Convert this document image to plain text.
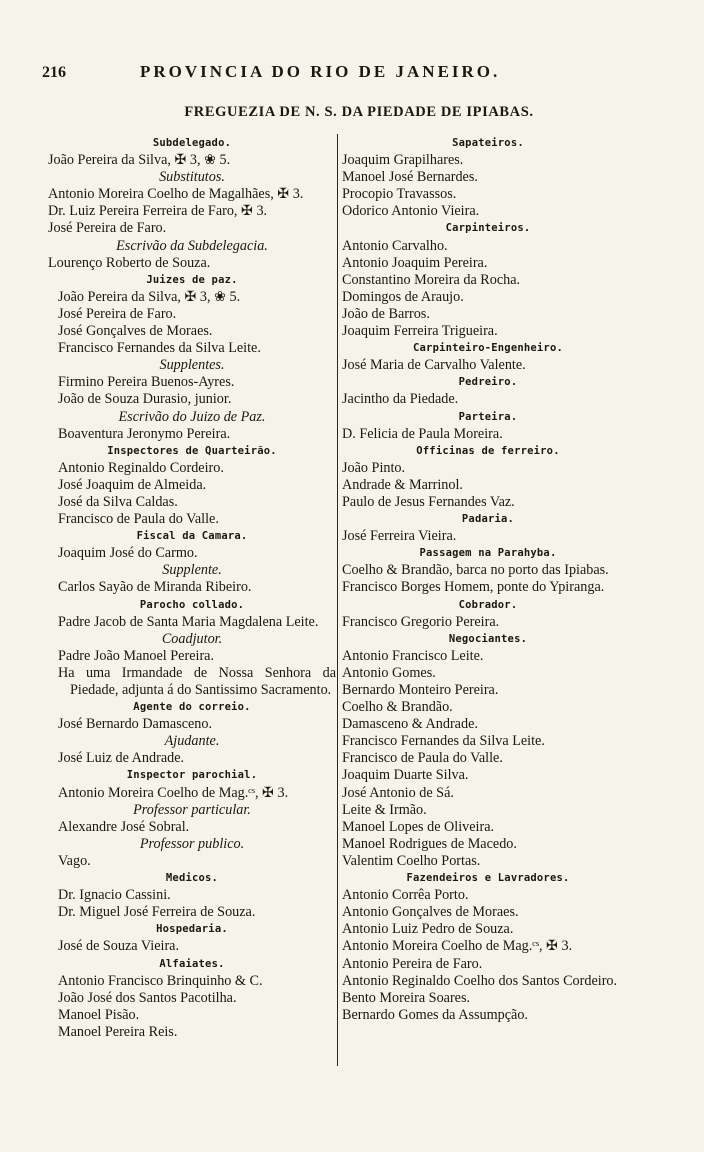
216	PROVINCIA DO RIO DE JANEIRO.
FREGUEZIA DE N. S. DA PIEDADE DE IPIABAS.
Subdelegado.
João Pereira da Silva, ✠ 3, ❀ 5.
Substitutos.
Antonio Moreira Coelho de Magalhães, ✠ 3.
Dr. Luiz Pereira Ferreira de Faro, ✠ 3.
José Pereira de Faro.
Escrivão da Subdelegacia.
Lourenço Roberto de Souza.
Juizes de paz.
João Pereira da Silva, ✠ 3, ❀ 5.
José Pereira de Faro.
José Gonçalves de Moraes.
Francisco Fernandes da Silva Leite.
Supplentes.
Firmino Pereira Buenos-Ayres.
João de Souza Durasio, junior.
Escrivão do Juizo de Paz.
Boaventura Jeronymo Pereira.
Inspectores de Quarteirão.
Antonio Reginaldo Cordeiro.
José Joaquim de Almeida.
José da Silva Caldas.
Francisco de Paula do Valle.
Fiscal da Camara.
Joaquim José do Carmo.
Supplente.
Carlos Sayão de Miranda Ribeiro.
Parocho collado.
Padre Jacob de Santa Maria Magdalena Leite.
Coadjutor.
Padre João Manoel Pereira.
Ha uma Irmandade de Nossa Senhora da Piedade, adjunta á do Santissimo Sacramento.
Agente do correio.
José Bernardo Damasceno.
Ajudante.
José Luiz de Andrade.
Inspector parochial.
Antonio Moreira Coelho de Mag.ᶜˢ, ✠ 3.
Professor particular.
Alexandre José Sobral.
Professor publico.
Vago.
Medicos.
Dr. Ignacio Cassini.
Dr. Miguel José Ferreira de Souza.
Hospedaria.
José de Souza Vieira.
Alfaiates.
Antonio Francisco Brinquinho & C.
João José dos Santos Pacotilha.
Manoel Pisão.
Manoel Pereira Reis.
Sapateiros.
Joaquim Grapilhares.
Manoel José Bernardes.
Procopio Travassos.
Odorico Antonio Vieira.
Carpinteiros.
Antonio Carvalho.
Antonio Joaquim Pereira.
Constantino Moreira da Rocha.
Domingos de Araujo.
João de Barros.
Joaquim Ferreira Trigueira.
Carpinteiro-Engenheiro.
José Maria de Carvalho Valente.
Pedreiro.
Jacintho da Piedade.
Parteira.
D. Felicia de Paula Moreira.
Officinas de ferreiro.
João Pinto.
Andrade & Marrinol.
Paulo de Jesus Fernandes Vaz.
Padaria.
José Ferreira Vieira.
Passagem na Parahyba.
Coelho & Brandão, barca no porto das Ipiabas.
Francisco Borges Homem, ponte do Ypiranga.
Cobrador.
Francisco Gregorio Pereira.
Negociantes.
Antonio Francisco Leite.
Antonio Gomes.
Bernardo Monteiro Pereira.
Coelho & Brandão.
Damasceno & Andrade.
Francisco Fernandes da Silva Leite.
Francisco de Paula do Valle.
Joaquim Duarte Silva.
José Antonio de Sá.
Leite & Irmão.
Manoel Lopes de Oliveira.
Manoel Rodrigues de Macedo.
Valentim Coelho Portas.
Fazendeiros e Lavradores.
Antonio Corrêa Porto.
Antonio Gonçalves de Moraes.
Antonio Luiz Pedro de Souza.
Antonio Moreira Coelho de Mag.ᶜˢ, ✠ 3.
Antonio Pereira de Faro.
Antonio Reginaldo Coelho dos Santos Cordeiro.
Bento Moreira Soares.
Bernardo Gomes da Assumpção.
